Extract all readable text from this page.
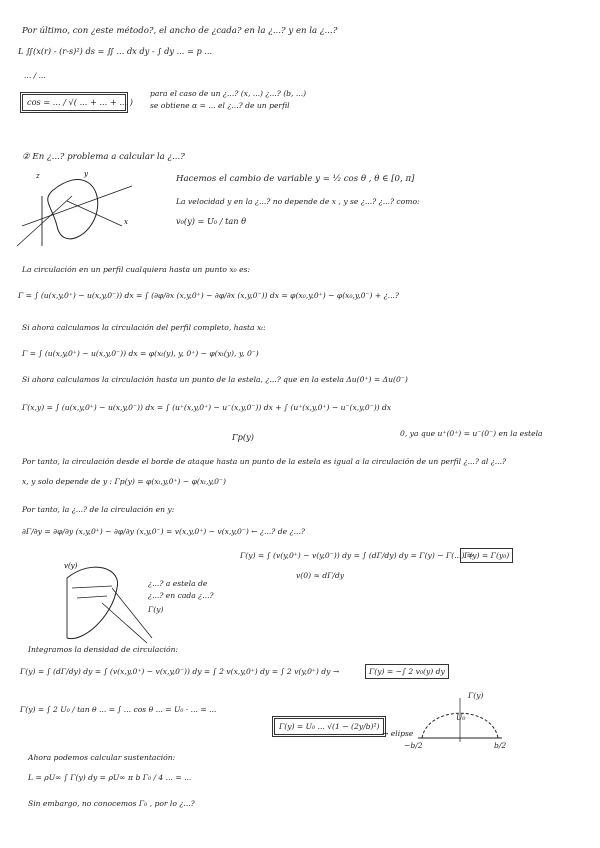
Por último, con ¿este método?, el ancho de ¿cada? en la ¿...? y en la ¿...?
L ∬(x(r) - (r-s)²) ds = ∬ ... dx dy - ∫ dy ... = p ...
... / ...
cos = ... / √( ... + ... + ... )
para el caso de un ¿...? (x, ...) ¿...? (b, ...)
se obtiene α = ... el ¿...? de un perfil
② En ¿...? problema a calcular la ¿...?
z	y
x
Hacemos el cambio de variable y = ¹⁄₂ cos θ , θ ∈ [0, π]
La velocidad y en la ¿...? no depende de x , y se ¿...? ¿...? como:
v₀(y) = U₀ / tan θ
La circulación en un perfil cualquiera hasta un punto x₀ es:
Γ = ∫ (u(x,y,0⁺) − u(x,y,0⁻)) dx = ∫ (∂φ/∂x (x,y,0⁺) − ∂φ/∂x (x,y,0⁻)) dx = φ(x₀,y,0⁺) − φ(x₀,y,0⁻) + ¿...?
Si ahora calculamos la circulación del perfil completo, hasta xₜ:
Γ = ∫ (u(x,y,0⁺) − u(x,y,0⁻)) dx = φ(xₜ(y), y, 0⁺) − φ(xₜ(y), y, 0⁻)
Si ahora calculamos la circulación hasta un punto de la estela, ¿...? que en la estela Δu(0⁺) = Δu(0⁻)
Γ(x,y) = ∫ (u(x,y,0⁺) − u(x,y,0⁻)) dx = ∫ (u⁺(x,y,0⁺) − u⁻(x,y,0⁻)) dx + ∫ (u⁺(x,y,0⁺) − u⁻(x,y,0⁻)) dx
Γp(y)	0, ya que u⁺(0⁺) = u⁻(0⁻) en la estela
Por tanto, la circulación desde el borde de ataque hasta un punto de la estela es igual a la circulación de un perfil ¿...? al ¿...?
x, y solo depende de y : Γp(y) = φ(xₜ,y,0⁺) − φ(xₜ,y,0⁻)
Por tanto, la ¿...? de la circulación en y:
∂Γ/∂y = ∂φ/∂y (x,y,0⁺) − ∂φ/∂y (x,y,0⁻) = v(x,y,0⁺) − v(x,y,0⁻) ← ¿...? de ¿...?
v(y)
Γ(y) = ∫ (v(y,0⁺) − v(y,0⁻)) dy = ∫ (dΓ/dy) dy = Γ(y) − Γ(...) ⇒
Γ(y) = Γ(y₀)
v(0) ≈ dΓ/dy
¿...? a estela de
¿...? en cada ¿...?
Γ(y)
Integramos la densidad de circulación:
Γ(y) = ∫ (dΓ/dy) dy = ∫ (v(x,y,0⁺) − v(x,y,0⁻)) dy = ∫ 2 v(x,y,0⁺) dy = ∫ 2 v(y,0⁺) dy →	Γ(y) = −∫ 2 v₀(y) dy
Γ(y) = ∫ 2 U₀ / tan θ ... = ∫ ... cos θ ... = U₀ · ... = ...
Γ(y) = U₀ ... √(1 − (2y/b)²)
→ elipse
Γ(y)
−b/2	b/2
U₀
Ahora podemos calcular sustentación:
L = ρU∞ ∫ Γ(y) dy = ρU∞ π b Γ₀ / 4 ... = ...
Sin embargo, no conocemos Γ₀ , por lo ¿...?
